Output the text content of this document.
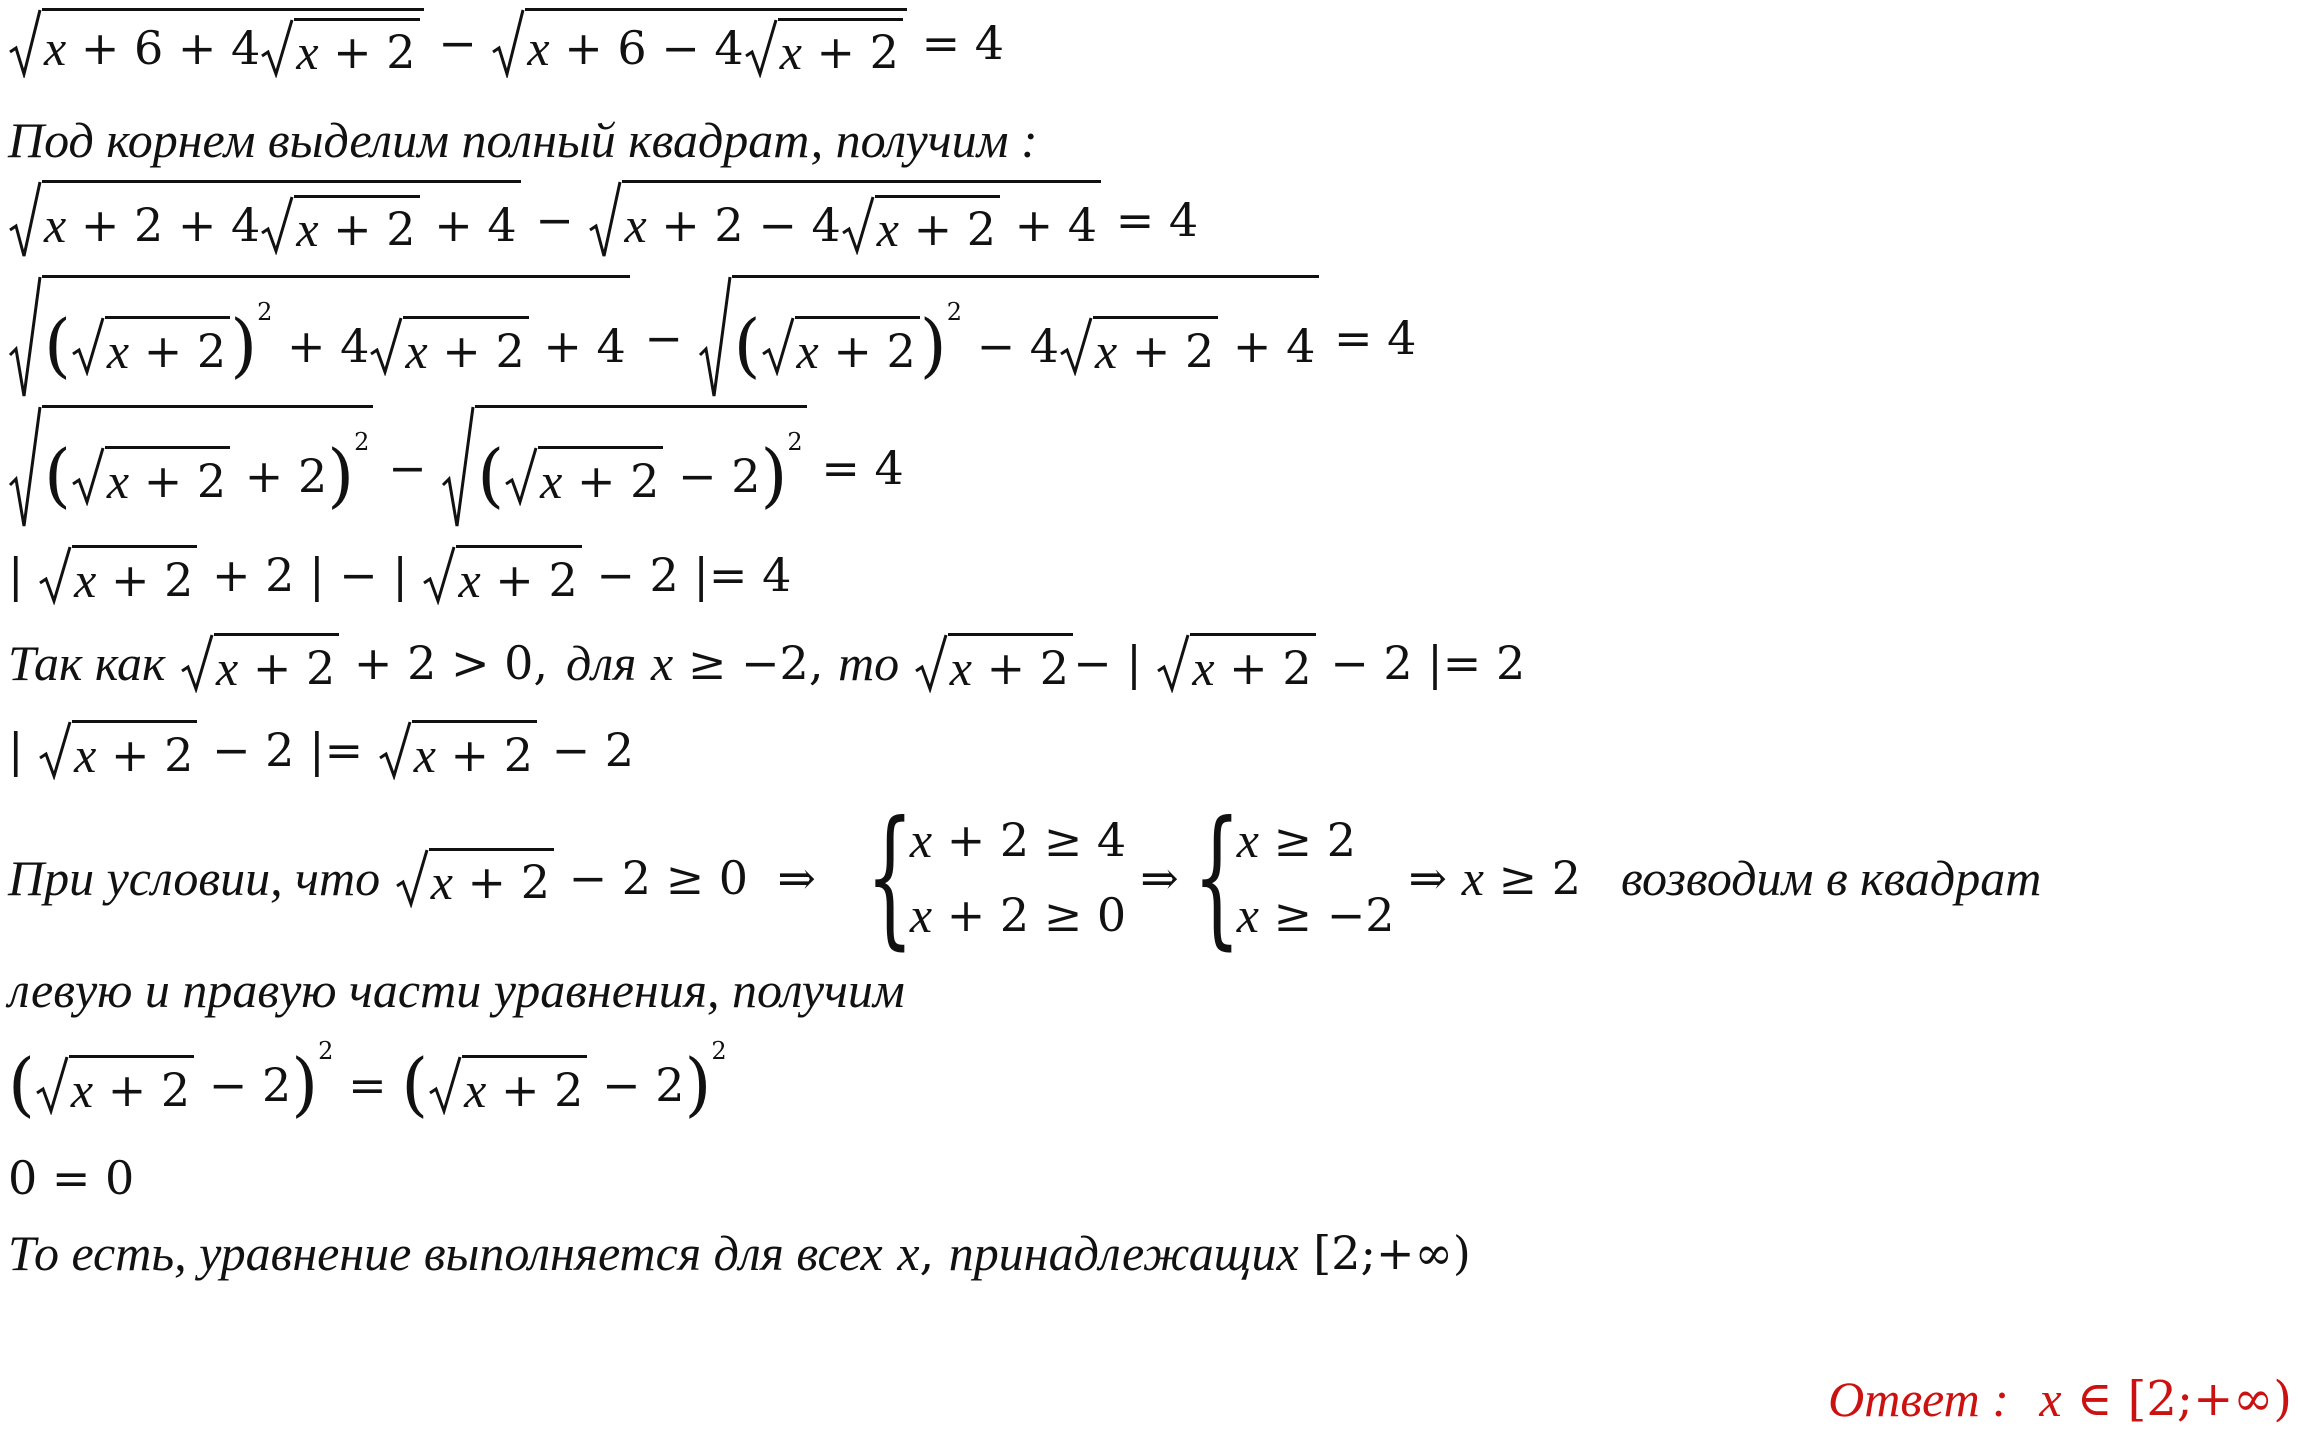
x + 6 + 4 x + 2 − x + 6 − 4 x + 2 = 4
Под корнем выделим полный квадрат, получим :
x + 2 + 4 x + 2 + 4 − x + 2 − 4 x + 2 + 4 = 4
( x + 2 )$^2$
+ 4 x + 2 + 4 − ( x + 2 )$^2$
− 4 x + 2 + 4 = 4
( x + 2 + 2 )$^2$ − ( x + 2 − 2 )$^2$ = 4
| x + 2 + 2 | − | x + 2 − 2 |= 4
Так как
x + 2 + 2 > 0, для
x ≥ −2, то
x + 2 − | x + 2 − 2 |= 2
| x + 2 − 2 |= x + 2 − 2
При условии, что
x + 2 − 2 ≥ 0  ⇒ {
x + 2 ≥ 4
x + 2 ≥ 0
⇒ {
x ≥ 2
x ≥ −2
⇒ x ≥ 2 возводим в квадрат
левую и правую части уравнения, получим
( x + 2 − 2 )$^2$
= ( x + 2 − 2 )$^2$
0 = 0
То есть, уравнение выполняется для всех
x , принадлежащих [2;+∞)
Ответ :
x ∈ [2;+∞)
